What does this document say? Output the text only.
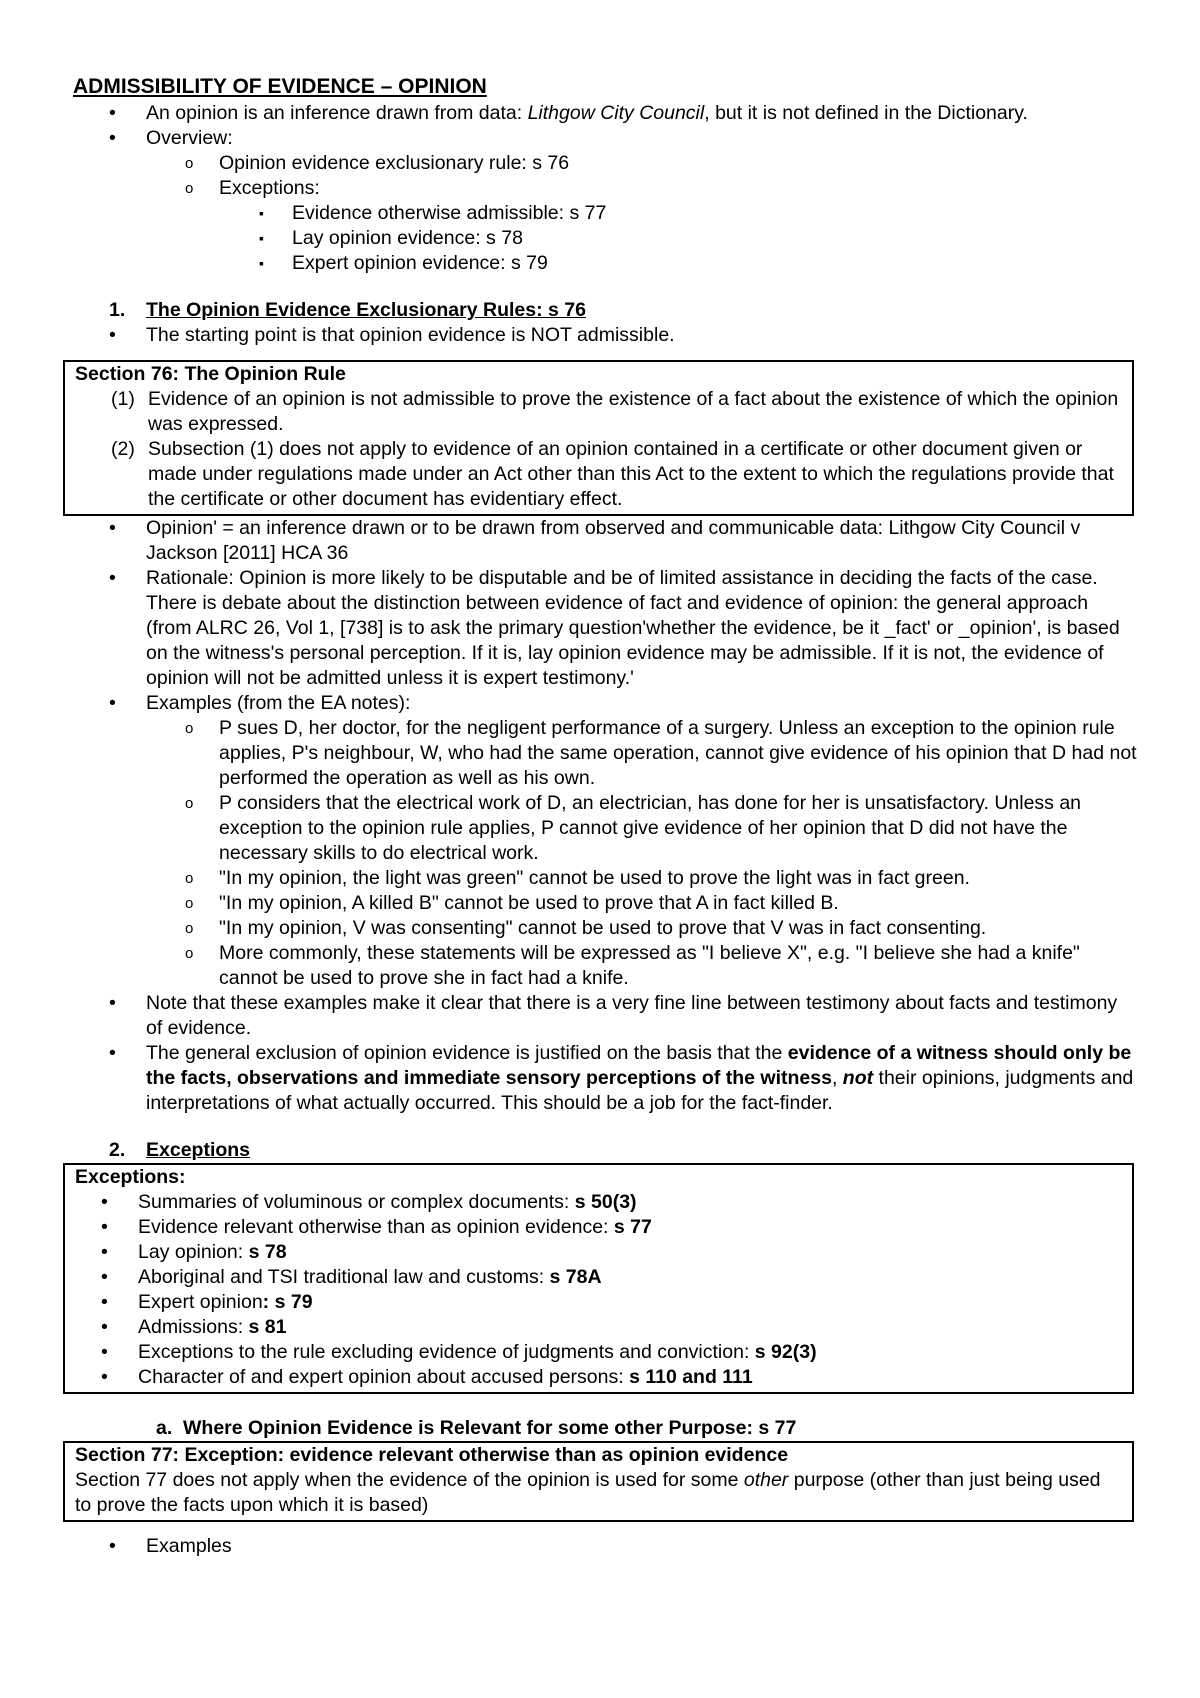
ADMISSIBILITY OF EVIDENCE – OPINION
• An opinion is an inference drawn from data: Lithgow City Council, but it is not defined in the Dictionary.
• Overview:
o Opinion evidence exclusionary rule: s 76
o Exceptions:
▪ Evidence otherwise admissible: s 77
▪ Lay opinion evidence: s 78
▪ Expert opinion evidence: s 79
1. The Opinion Evidence Exclusionary Rules: s 76
• The starting point is that opinion evidence is NOT admissible.
Section 76: The Opinion Rule
(1) Evidence of an opinion is not admissible to prove the existence of a fact about the existence of which the opinion was expressed.
(2) Subsection (1) does not apply to evidence of an opinion contained in a certificate or other document given or made under regulations made under an Act other than this Act to the extent to which the regulations provide that the certificate or other document has evidentiary effect.
• Opinion' = an inference drawn or to be drawn from observed and communicable data: Lithgow City Council v Jackson [2011] HCA 36
• Rationale: Opinion is more likely to be disputable and be of limited assistance in deciding the facts of the case. There is debate about the distinction between evidence of fact and evidence of opinion: the general approach (from ALRC 26, Vol 1, [738] is to ask the primary question'whether the evidence, be it _fact' or _opinion', is based on the witness's personal perception. If it is, lay opinion evidence may be admissible. If it is not, the evidence of opinion will not be admitted unless it is expert testimony.'
• Examples (from the EA notes):
o P sues D, her doctor, for the negligent performance of a surgery. Unless an exception to the opinion rule applies, P's neighbour, W, who had the same operation, cannot give evidence of his opinion that D had not performed the operation as well as his own.
o P considers that the electrical work of D, an electrician, has done for her is unsatisfactory. Unless an exception to the opinion rule applies, P cannot give evidence of her opinion that D did not have the necessary skills to do electrical work.
o "In my opinion, the light was green" cannot be used to prove the light was in fact green.
o "In my opinion, A killed B" cannot be used to prove that A in fact killed B.
o "In my opinion, V was consenting" cannot be used to prove that V was in fact consenting.
o More commonly, these statements will be expressed as "I believe X", e.g. "I believe she had a knife" cannot be used to prove she in fact had a knife.
• Note that these examples make it clear that there is a very fine line between testimony about facts and testimony of evidence.
• The general exclusion of opinion evidence is justified on the basis that the evidence of a witness should only be the facts, observations and immediate sensory perceptions of the witness, not their opinions, judgments and interpretations of what actually occurred. This should be a job for the fact-finder.
2. Exceptions
Exceptions:
• Summaries of voluminous or complex documents: s 50(3)
• Evidence relevant otherwise than as opinion evidence: s 77
• Lay opinion: s 78
• Aboriginal and TSI traditional law and customs: s 78A
• Expert opinion: s 79
• Admissions: s 81
• Exceptions to the rule excluding evidence of judgments and conviction: s 92(3)
• Character of and expert opinion about accused persons: s 110 and 111
a. Where Opinion Evidence is Relevant for some other Purpose: s 77
Section 77: Exception: evidence relevant otherwise than as opinion evidence
Section 77 does not apply when the evidence of the opinion is used for some other purpose (other than just being used to prove the facts upon which it is based)
• Examples
